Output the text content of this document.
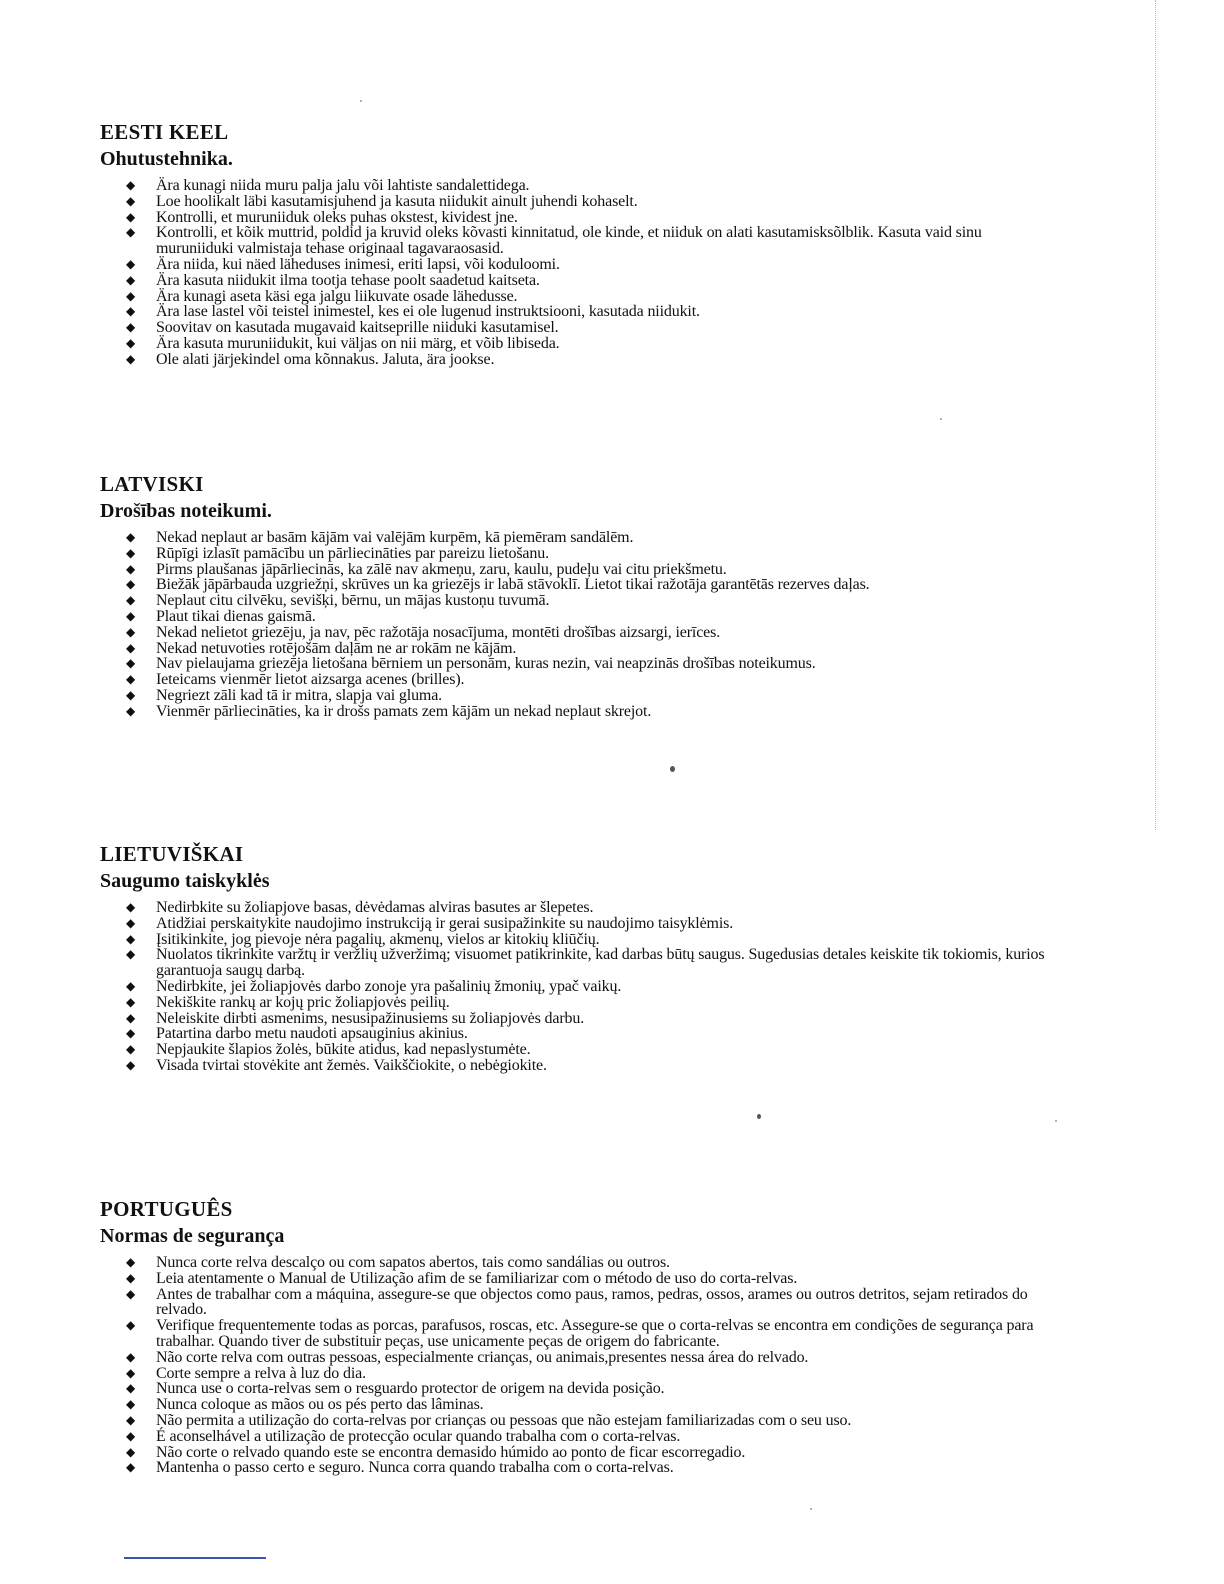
EESTI KEEL
Ohutustehnika.
◆ Ära kunagi niida muru palja jalu või lahtiste sandalettidega.
◆ Loe hoolikalt läbi kasutamisjuhend ja kasuta niidukit ainult juhendi kohaselt.
◆ Kontrolli, et muruniiduk oleks puhas okstest, kividest jne.
◆ Kontrolli, et kõik muttrid, poldid ja kruvid oleks kõvasti kinnitatud, ole kinde, et niiduk on alati kasutamisksõlblik. Kasuta vaid sinu muruniiduki valmistaja tehase originaal tagavaraosasid.
◆ Ära niida, kui näed läheduses inimesi, eriti lapsi, või koduloomi.
◆ Ära kasuta niidukit ilma tootja tehase poolt saadetud kaitseta.
◆ Ära kunagi aseta käsi ega jalgu liikuvate osade lähedusse.
◆ Ära lase lastel või teistel inimestel, kes ei ole lugenud instruktsiooni, kasutada niidukit.
◆ Soovitav on kasutada mugavaid kaitseprille niiduki kasutamisel.
◆ Ära kasuta muruniidukit, kui väljas on nii märg, et võib libiseda.
◆ Ole alati järjekindel oma kõnnakus. Jaluta, ära jookse.
LATVISKI
Drošības noteikumi.
◆ Nekad neplaut ar basām kājām vai valējām kurpēm, kā piemēram sandālēm.
◆ Rūpīgi izlasīt pamācību un pārliecināties par pareizu lietošanu.
◆ Pirms plaušanas jāpārliecinās, ka zālē nav akmeņu, zaru, kaulu, pudeļu vai citu priekšmetu.
◆ Biežāk jāpārbauda uzgriežņi, skrūves un ka griezējs ir labā stāvoklī. Lietot tikai ražotāja garantētās rezerves daļas.
◆ Neplaut citu cilvēku, sevišķi, bērnu, un mājas kustoņu tuvumā.
◆ Plaut tikai dienas gaismā.
◆ Nekad nelietot griezēju, ja nav, pēc ražotāja nosacījuma, montēti drošības aizsargi, ierīces.
◆ Nekad netuvoties rotējošām daļām ne ar rokām ne kājām.
◆ Nav pielaujama griezēja lietošana bērniem un personām, kuras nezin, vai neapzinās drošības noteikumus.
◆ Ieteicams vienmēr lietot aizsarga acenes (brilles).
◆ Negriezt zāli kad tā ir mitra, slapja vai gluma.
◆ Vienmēr pārliecināties, ka ir drošs pamats zem kājām un nekad neplaut skrejot.
LIETUVIŠKAI
Saugumo taiskyklės
◆ Nedirbkite su žoliapjove basas, dėvėdamas alviras basutes ar šlepetes.
◆ Atidžiai perskaitykite naudojimo instrukciją ir gerai susipažinkite su naudojimo taisyklėmis.
◆ Įsitikinkite, jog pievoje nėra pagalių, akmenų, vielos ar kitokių kliūčių.
◆ Nuolatos tikrinkite varžtų ir veržlių užveržimą; visuomet patikrinkite, kad darbas būtų saugus. Sugedusias detales keiskite tik tokiomis, kurios garantuoja saugų darbą.
◆ Nedirbkite, jei žoliapjovės darbo zonoje yra pašalinių žmonių, ypač vaikų.
◆ Nekiškite rankų ar kojų pric žoliapjovės peilių.
◆ Neleiskite dirbti asmenims, nesusipažinusiems su žoliapjovės darbu.
◆ Patartina darbo metu naudoti apsauginius akinius.
◆ Nepjaukite šlapios žolės, būkite atidus, kad nepaslystumėte.
◆ Visada tvirtai stovėkite ant žemės. Vaikščiokite, o nebėgiokite.
PORTUGUÊS
Normas de segurança
◆ Nunca corte relva descalço ou com sapatos abertos, tais como sandálias ou outros.
◆ Leia atentamente o Manual de Utilização afim de se familiarizar com o método de uso do corta-relvas.
◆ Antes de trabalhar com a máquina, assegure-se que objectos como paus, ramos, pedras, ossos, arames ou outros detritos, sejam retirados do relvado.
◆ Verifique frequentemente todas as porcas, parafusos, roscas, etc. Assegure-se que o corta-relvas se encontra em condições de segurança para trabalhar. Quando tiver de substituir peças, use unicamente peças de origem do fabricante.
◆ Não corte relva com outras pessoas, especialmente crianças, ou animais,presentes nessa área do relvado.
◆ Corte sempre a relva à luz do dia.
◆ Nunca use o corta-relvas sem o resguardo protector de origem na devida posição.
◆ Nunca coloque as mãos ou os pés perto das lâminas.
◆ Não permita a utilização do corta-relvas por crianças ou pessoas que não estejam familiarizadas com o seu uso.
◆ É aconselhável a utilização de protecção ocular quando trabalha com o corta-relvas.
◆ Não corte o relvado quando este se encontra demasido húmido ao ponto de ficar escorregadio.
◆ Mantenha o passo certo e seguro. Nunca corra quando trabalha com o corta-relvas.
